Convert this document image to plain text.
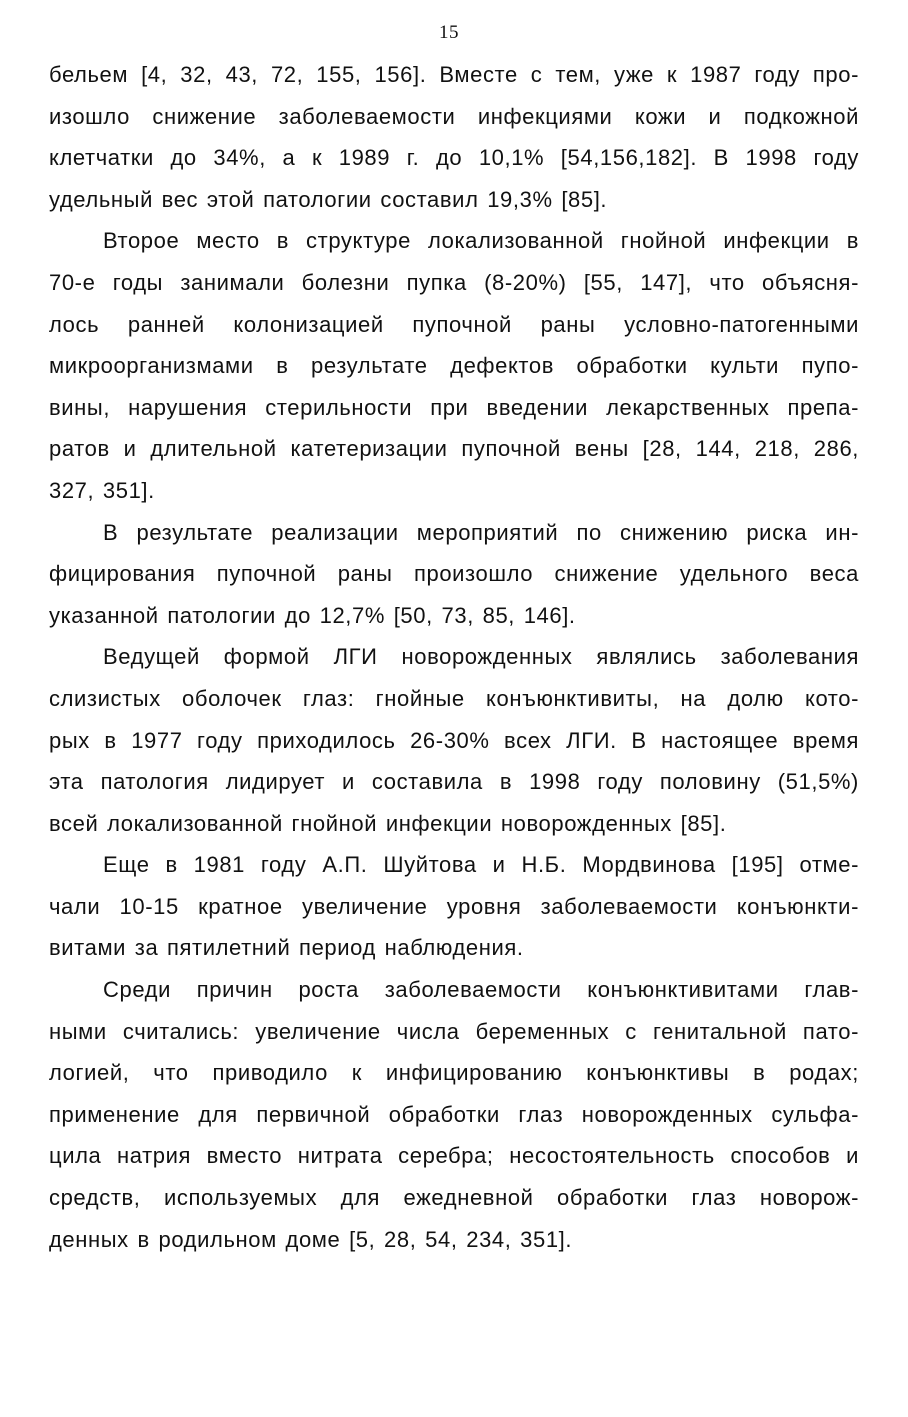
15
бельем [4, 32, 43, 72, 155, 156]. Вместе с тем, уже к 1987 году про-
изошло снижение заболеваемости инфекциями кожи и подкожной
клетчатки до 34%, а к 1989 г. до 10,1% [54,156,182]. В 1998 году
удельный вес этой патологии составил 19,3% [85].
Второе место в структуре локализованной гнойной инфекции в
70-е годы занимали болезни пупка (8-20%) [55, 147], что объясня-
лось ранней колонизацией пупочной раны условно-патогенными
микроорганизмами в результате дефектов обработки культи пупо-
вины, нарушения стерильности при введении лекарственных препа-
ратов и длительной катетеризации пупочной вены [28, 144, 218, 286,
327, 351].
В результате реализации мероприятий по снижению риска ин-
фицирования пупочной раны произошло снижение удельного веса
указанной патологии до 12,7% [50, 73, 85, 146].
Ведущей формой ЛГИ новорожденных являлись заболевания
слизистых оболочек глаз: гнойные конъюнктивиты, на долю кото-
рых в 1977 году приходилось 26-30% всех ЛГИ. В настоящее время
эта патология лидирует и составила в 1998 году половину (51,5%)
всей локализованной гнойной инфекции новорожденных [85].
Еще в 1981 году А.П. Шуйтова и Н.Б. Мордвинова [195] отме-
чали 10-15 кратное увеличение уровня заболеваемости конъюнкти-
витами за пятилетний период наблюдения.
Среди причин роста заболеваемости конъюнктивитами глав-
ными считались: увеличение числа беременных с генитальной пато-
логией, что приводило к инфицированию конъюнктивы в родах;
применение для первичной обработки глаз новорожденных сульфа-
цила натрия вместо нитрата серебра; несостоятельность способов и
средств, используемых для ежедневной обработки глаз новорож-
денных в родильном доме [5, 28, 54, 234, 351].
